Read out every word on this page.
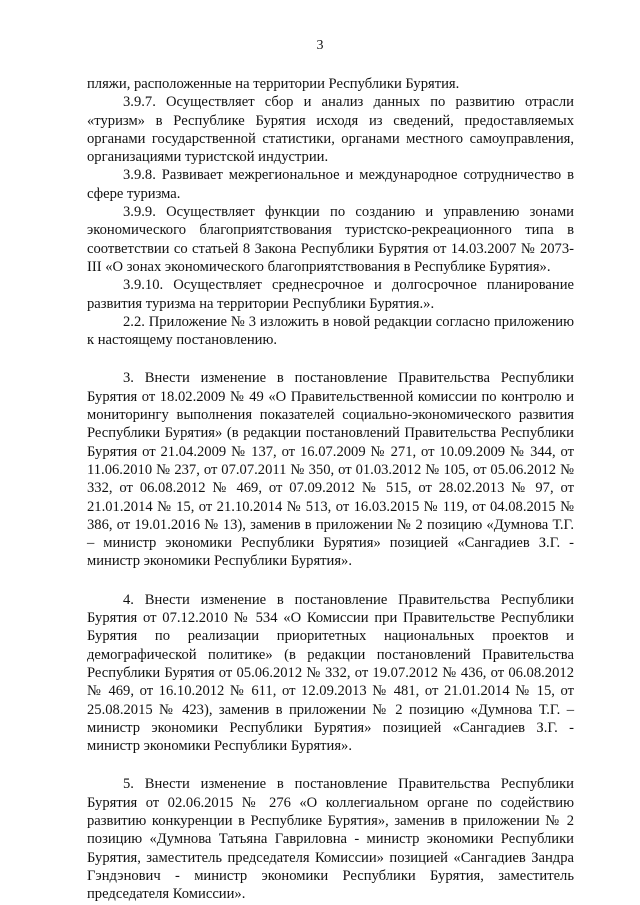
3

пляжи, расположенные на территории Республики Бурятия.

3.9.7. Осуществляет сбор и анализ данных по развитию отрасли «туризм» в Республике Бурятия исходя из сведений, предоставляемых органами государственной статистики, органами местного самоуправления, организациями туристской индустрии.

3.9.8. Развивает межрегиональное и международное сотрудничество в сфере туризма.

3.9.9. Осуществляет функции по созданию и управлению зонами экономического благоприятствования туристско-рекреационного типа в соответствии со статьей 8 Закона Республики Бурятия от 14.03.2007 № 2073-III «О зонах экономического благоприятствования в Республике Бурятия».

3.9.10. Осуществляет среднесрочное и долгосрочное планирование развития туризма на территории Республики Бурятия.».

2.2. Приложение № 3 изложить в новой редакции согласно приложению к настоящему постановлению.

3. Внести изменение в постановление Правительства Республики Бурятия от 18.02.2009 № 49 «О Правительственной комиссии по контролю и мониторингу выполнения показателей социально-экономического развития Республики Бурятия» (в редакции постановлений Правительства Республики Бурятия от 21.04.2009 № 137, от 16.07.2009 № 271, от 10.09.2009 № 344, от 11.06.2010 № 237, от 07.07.2011 № 350, от 01.03.2012 № 105, от 05.06.2012 № 332, от 06.08.2012 № 469, от 07.09.2012 № 515, от 28.02.2013 № 97, от 21.01.2014 № 15, от 21.10.2014 № 513, от 16.03.2015 № 119, от 04.08.2015 № 386, от 19.01.2016 № 13), заменив в приложении № 2 позицию «Думнова Т.Г. – министр экономики Республики Бурятия» позицией «Сангадиев З.Г. - министр экономики Республики Бурятия».

4. Внести изменение в постановление Правительства Республики Бурятия от 07.12.2010 № 534 «О Комиссии при Правительстве Республики Бурятия по реализации приоритетных национальных проектов и демографической политике» (в редакции постановлений Правительства Республики Бурятия от 05.06.2012 № 332, от 19.07.2012 № 436, от 06.08.2012 № 469, от 16.10.2012 № 611, от 12.09.2013 № 481, от 21.01.2014 № 15, от 25.08.2015 № 423), заменив в приложении № 2 позицию «Думнова Т.Г. – министр экономики Республики Бурятия» позицией «Сангадиев З.Г. - министр экономики Республики Бурятия».

5. Внести изменение в постановление Правительства Республики Бурятия от 02.06.2015 № 276 «О коллегиальном органе по содействию развитию конкуренции в Республике Бурятия», заменив в приложении № 2 позицию «Думнова Татьяна Гавриловна - министр экономики Республики Бурятия, заместитель председателя Комиссии» позицией «Сангадиев Зандра Гэндэнович - министр экономики Республики Бурятия, заместитель председателя Комиссии».
